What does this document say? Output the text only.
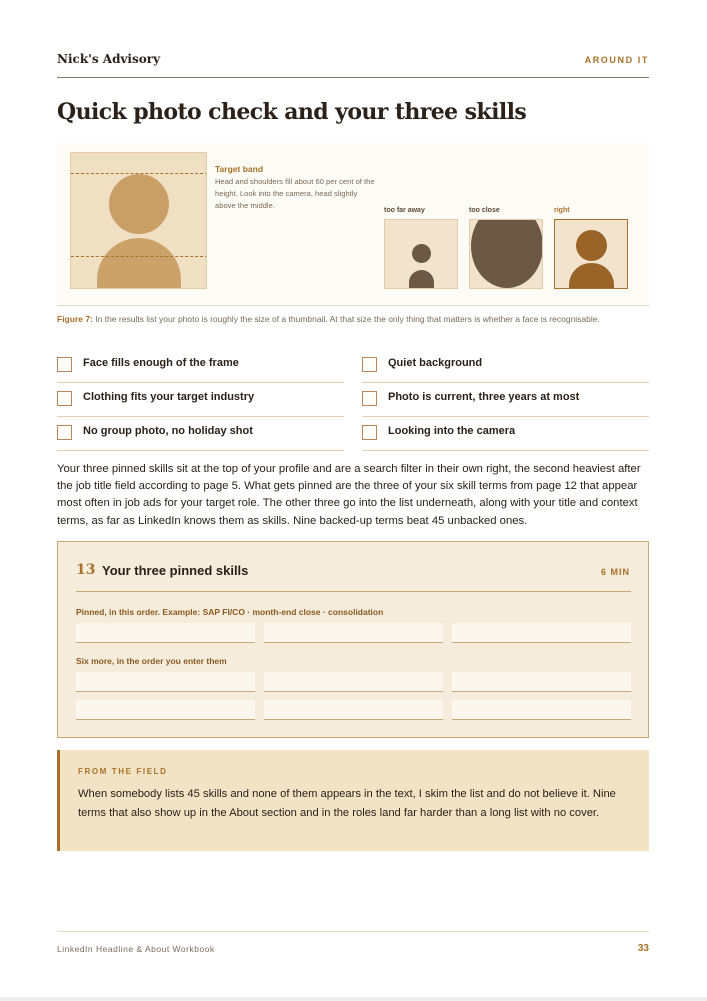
Nick's Advisory	AROUND IT
Quick photo check and your three skills
Target band
Head and shoulders fill about 60 per cent of the height. Look into the camera, head slightly above the middle.
too far away	too close	right

Figure 7: In the results list your photo is roughly the size of a thumbnail. At that size the only thing that matters is whether a face is recognisable.

Face fills enough of the frame	Quiet background
Clothing fits your target industry	Photo is current, three years at most
No group photo, no holiday shot	Looking into the camera

Your three pinned skills sit at the top of your profile and are a search filter in their own right, the second heaviest after the job title field according to page 5. What gets pinned are the three of your six skill terms from page 12 that appear most often in job ads for your target role. The other three go into the list underneath, along with your title and context terms, as far as LinkedIn knows them as skills. Nine backed-up terms beat 45 unbacked ones.

13 Your three pinned skills	6 MIN
Pinned, in this order. Example: SAP FI/CO · month-end close · consolidation
Six more, in the order you enter them
FROM THE FIELD

When somebody lists 45 skills and none of them appears in the text, I skim the list and do not believe it. Nine terms that also show up in the About section and in the roles land far harder than a long list with no cover.

LinkedIn Headline & About Workbook	33
